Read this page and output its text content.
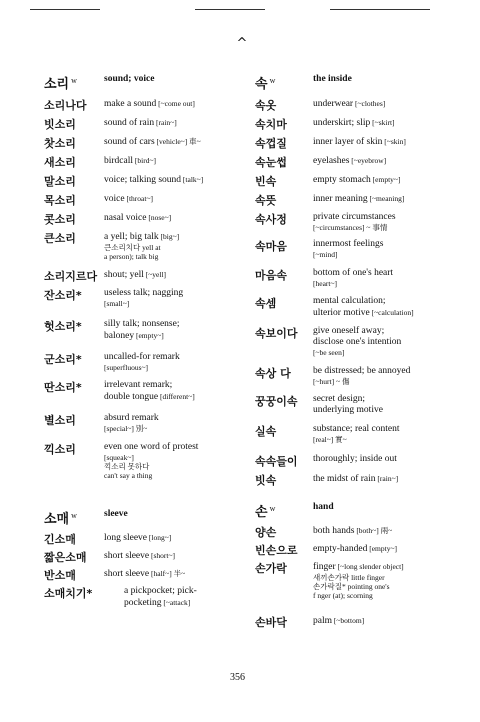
^
소리 $^w$	sound; voice
소리나다 make a sound [~come out]
빗소리	sound of rain [rain~]
찻소리	sound of cars [vehicle~] 車~
새소리	birdcall [bird~]
말소리	voice; talking sound [talk~]
목소리	voice [throat~]
콧소리	nasal voice [nose~]
큰소리	a yell; big talk [big~]
큰소리치다 yell at
a person); talk big
소리지르다 shout; yell [~yell]
잔소리* useless talk; nagging
[small~]
헛소리* silly talk; nonsense;
baloney [empty~]
군소리* uncalled-for remark
[superfluous~]
딴소리* irrelevant remark;
double tongue [different~]
별소리	absurd remark
[special~] 別~
끽소리	even one word of protest
[squeak~]
끽소리 못하다
can't say a thing
소매 $^w$	sleeve
긴소매	long sleeve [long~]
짧은소매 short sleeve [short~]
반소매	short sleeve [half~] 半~
소매치기*	a pickpocket; pick-
pocketing [~attack]
속 $^w$	the inside
속옷	underwear [~clothes]
속치마	underskirt; slip [~skirt]
속껍질	inner layer of skin [~skin]
속눈썹	eyelashes [~eyebrow]
빈속	empty stomach [empty~]
속뜻	inner meaning [~meaning]
속사정	private circumstances
[~circumstances] ~ 事情
속마음	innermost feelings
[~mind]
마음속	bottom of one's heart
[heart~]
속셈	mental calculation;
ulterior motive [~calculation]
속보이다 give oneself away;
disclose one's intention
[~be seen]
속상 다 be distressed; be annoyed
[~hurt] ~ 傷
꿍꿍이속 secret design;
underlying motive
실속	substance; real content
[real~] 實~
속속들이 thoroughly; inside out
빗속	the midst of rain [rain~]
손 $^w$	hand
양손	both hands [both~] 兩~
빈손으로 empty-handed [empty~]
손가락	finger [~long slender object]
새끼손가락 little finger
손가락질* pointing one's
f nger (at); scorning
손바닥	palm [~bottom]
356
